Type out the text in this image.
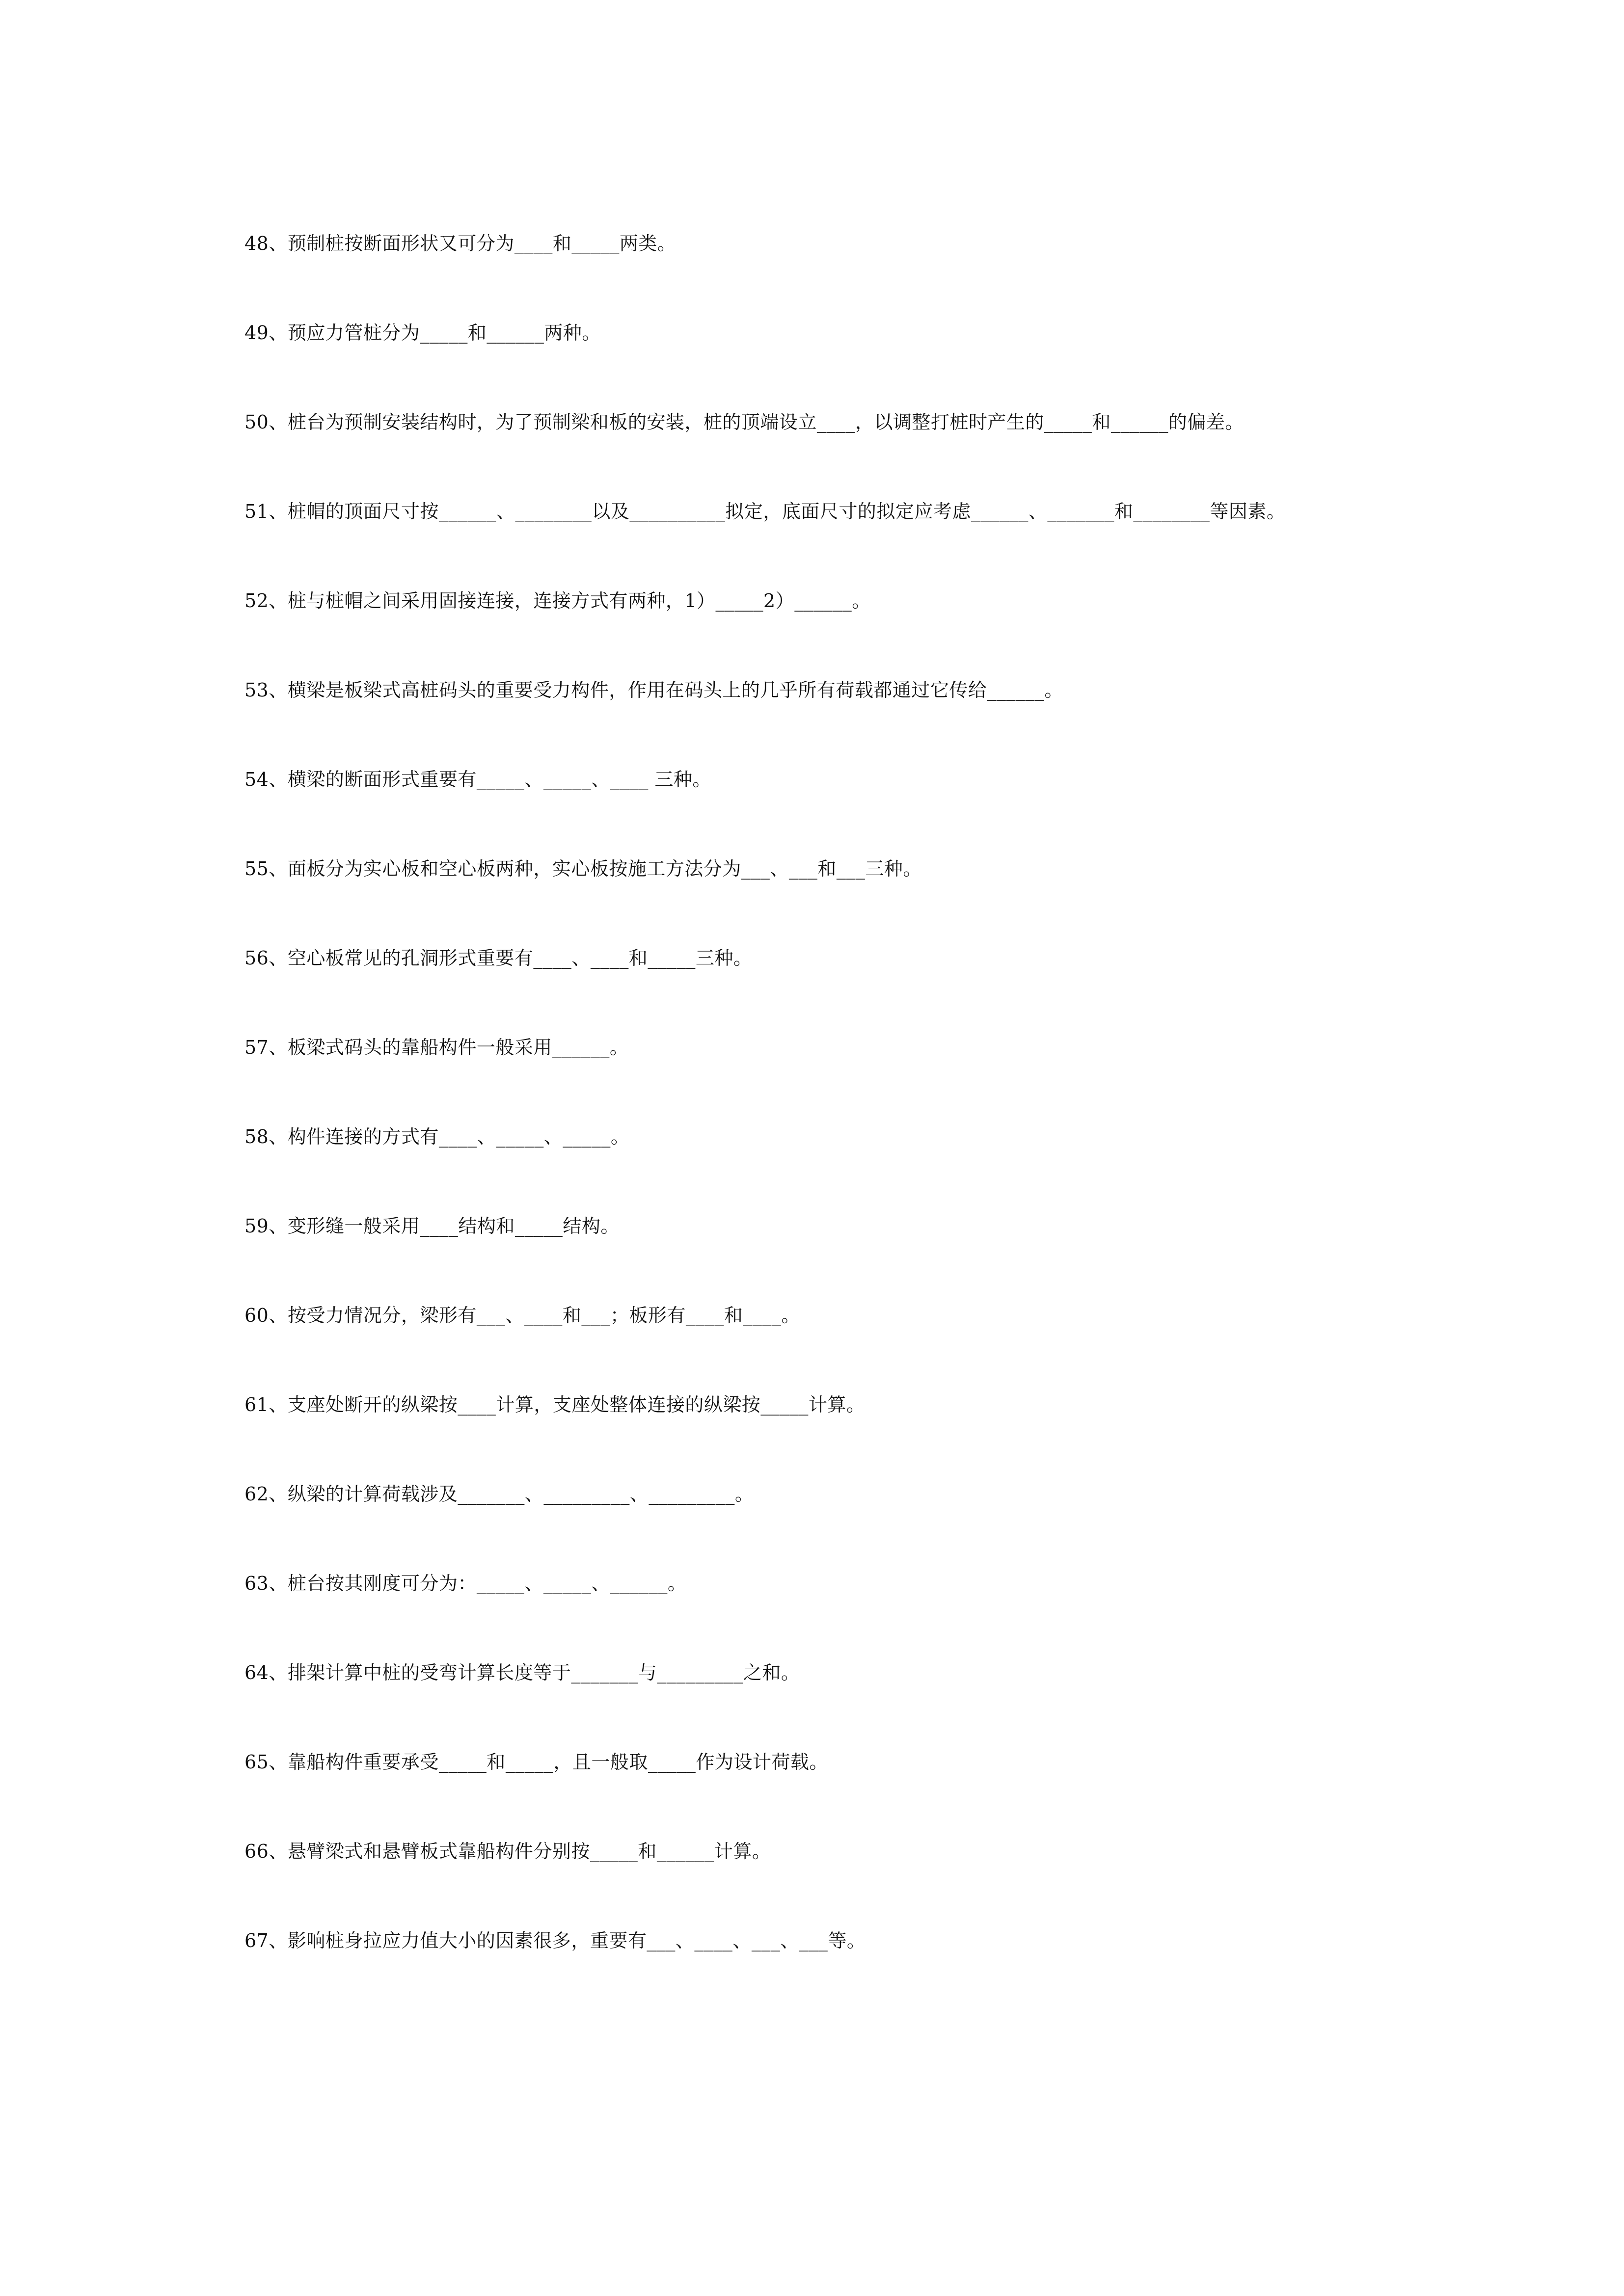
48、预制桩按断面形状又可分为____和_____两类。
49、预应力管桩分为_____和______两种。
50、桩台为预制安装结构时，为了预制梁和板的安装，桩的顶端设立____，以调整打桩时产生的_____和______的偏差。
51、桩帽的顶面尺寸按______、________以及__________拟定，底面尺寸的拟定应考虑______、_______和________等因素。
52、桩与桩帽之间采用固接连接，连接方式有两种，1）_____2）______。
53、横梁是板梁式高桩码头的重要受力构件，作用在码头上的几乎所有荷载都通过它传给______。
54、横梁的断面形式重要有_____、_____、____ 三种。
55、面板分为实心板和空心板两种，实心板按施工方法分为___、___和___三种。
56、空心板常见的孔洞形式重要有____、____和_____三种。
57、板梁式码头的靠船构件一般采用______。
58、构件连接的方式有____、_____、_____。
59、变形缝一般采用____结构和_____结构。
60、按受力情况分，梁形有___、____和___；板形有____和____。
61、支座处断开的纵梁按____计算，支座处整体连接的纵梁按_____计算。
62、纵梁的计算荷载涉及_______、_________、_________。
63、桩台按其刚度可分为：_____、_____、______。
64、排架计算中桩的受弯计算长度等于_______与_________之和。
65、靠船构件重要承受_____和_____，且一般取_____作为设计荷载。
66、悬臂梁式和悬臂板式靠船构件分别按_____和______计算。
67、影响桩身拉应力值大小的因素很多，重要有___、____、___、___等。
